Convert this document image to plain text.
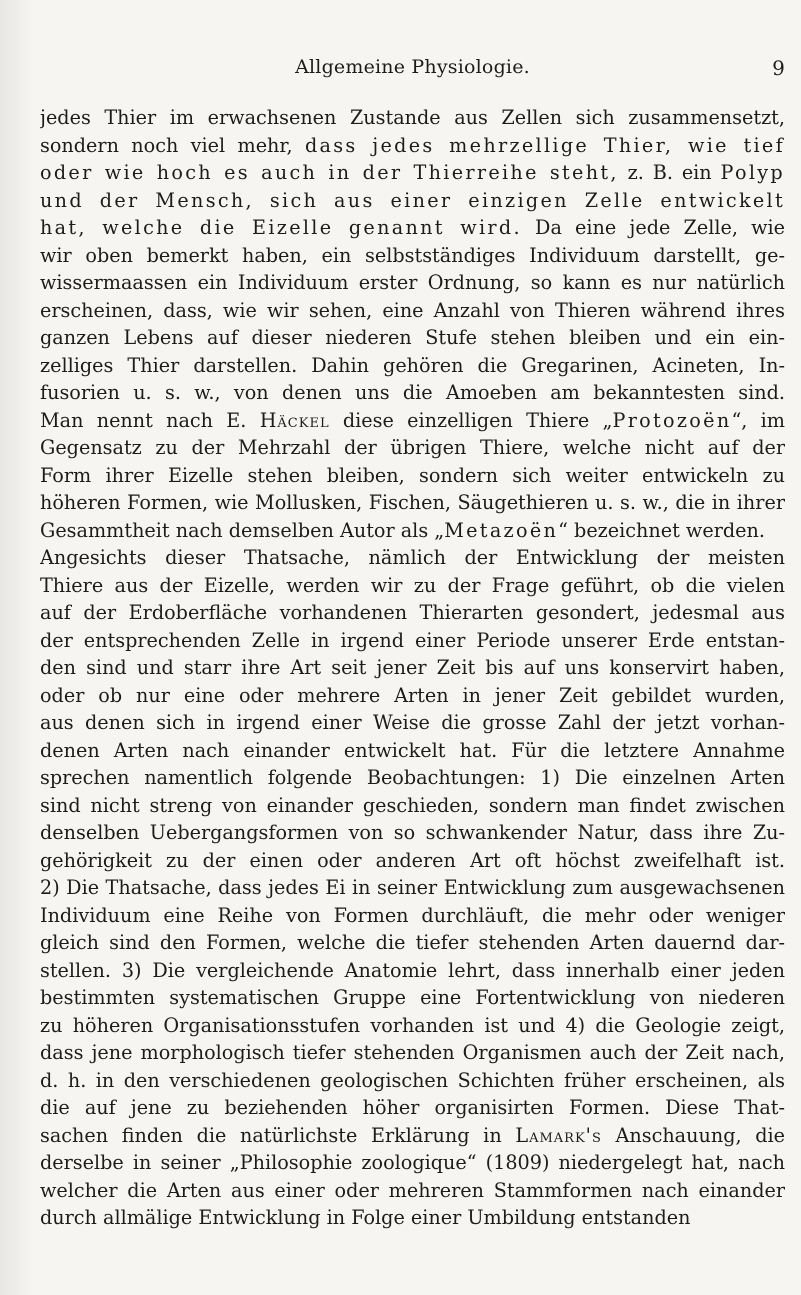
Allgemeine Physiologie.	9
jedes Thier im erwachsenen Zustande aus Zellen sich zusammensetzt,
sondern noch viel mehr, dass jedes mehrzellige Thier, wie tief
oder wie hoch es auch in der Thierreihe steht, z. B. ein Polyp
und der Mensch, sich aus einer einzigen Zelle entwickelt
hat, welche die Eizelle genannt wird. Da eine jede Zelle, wie
wir oben bemerkt haben, ein selbstständiges Individuum darstellt, ge-
wissermaassen ein Individuum erster Ordnung, so kann es nur natürlich
erscheinen, dass, wie wir sehen, eine Anzahl von Thieren während ihres
ganzen Lebens auf dieser niederen Stufe stehen bleiben und ein ein-
zelliges Thier darstellen. Dahin gehören die Gregarinen, Acineten, In-
fusorien u. s. w., von denen uns die Amoeben am bekanntesten sind.
Man nennt nach E. Häckel diese einzelligen Thiere „Protozoën“, im
Gegensatz zu der Mehrzahl der übrigen Thiere, welche nicht auf der
Form ihrer Eizelle stehen bleiben, sondern sich weiter entwickeln zu
höheren Formen, wie Mollusken, Fischen, Säugethieren u. s. w., die in ihrer
Gesammtheit nach demselben Autor als „Metazoën“ bezeichnet werden.
Angesichts dieser Thatsache, nämlich der Entwicklung der meisten
Thiere aus der Eizelle, werden wir zu der Frage geführt, ob die vielen
auf der Erdoberfläche vorhandenen Thierarten gesondert, jedesmal aus
der entsprechenden Zelle in irgend einer Periode unserer Erde entstan-
den sind und starr ihre Art seit jener Zeit bis auf uns konservirt haben,
oder ob nur eine oder mehrere Arten in jener Zeit gebildet wurden,
aus denen sich in irgend einer Weise die grosse Zahl der jetzt vorhan-
denen Arten nach einander entwickelt hat. Für die letztere Annahme
sprechen namentlich folgende Beobachtungen: 1) Die einzelnen Arten
sind nicht streng von einander geschieden, sondern man findet zwischen
denselben Uebergangsformen von so schwankender Natur, dass ihre Zu-
gehörigkeit zu der einen oder anderen Art oft höchst zweifelhaft ist.
2) Die Thatsache, dass jedes Ei in seiner Entwicklung zum ausgewachsenen
Individuum eine Reihe von Formen durchläuft, die mehr oder weniger
gleich sind den Formen, welche die tiefer stehenden Arten dauernd dar-
stellen. 3) Die vergleichende Anatomie lehrt, dass innerhalb einer jeden
bestimmten systematischen Gruppe eine Fortentwicklung von niederen
zu höheren Organisationsstufen vorhanden ist und 4) die Geologie zeigt,
dass jene morphologisch tiefer stehenden Organismen auch der Zeit nach,
d. h. in den verschiedenen geologischen Schichten früher erscheinen, als
die auf jene zu beziehenden höher organisirten Formen. Diese That-
sachen finden die natürlichste Erklärung in Lamark's Anschauung, die
derselbe in seiner „Philosophie zoologique“ (1809) niedergelegt hat, nach
welcher die Arten aus einer oder mehreren Stammformen nach einander
durch allmälige Entwicklung in Folge einer Umbildung entstanden
